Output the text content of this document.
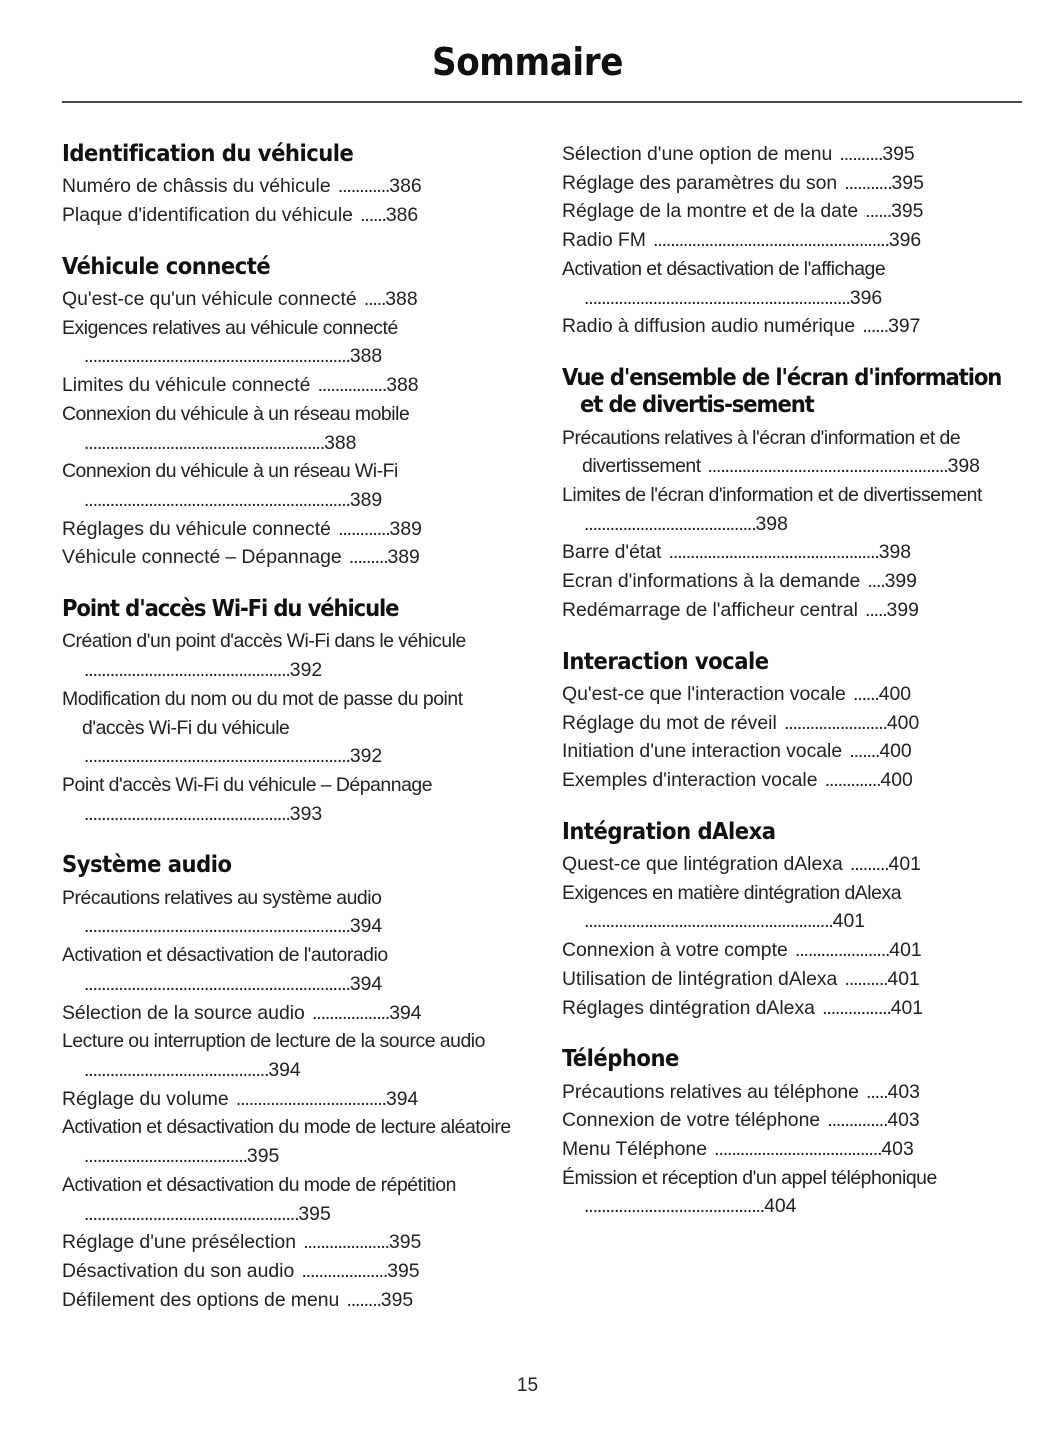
Sommaire
Identification du véhicule
Numéro de châssis du véhicule ............386
Plaque d'identification du véhicule ......386
Véhicule connecté
Qu'est-ce qu'un véhicule connecté .....388
Exigences relatives au véhicule connecté ..............................................................388
Limites du véhicule connecté ................388
Connexion du véhicule à un réseau mobile ........................................................388
Connexion du véhicule à un réseau Wi-Fi ..............................................................389
Réglages du véhicule connecté ............389
Véhicule connecté – Dépannage .........389
Point d'accès Wi-Fi du véhicule
Création d'un point d'accès Wi-Fi dans le véhicule ................................................392
Modification du nom ou du mot de passe du point d'accès Wi-Fi du véhicule ..............................................................392
Point d'accès Wi-Fi du véhicule – Dépannage ................................................393
Système audio
Précautions relatives au système audio ..............................................................394
Activation et désactivation de l'autoradio ..............................................................394
Sélection de la source audio ..................394
Lecture ou interruption de lecture de la source audio ...........................................394
Réglage du volume ...................................394
Activation et désactivation du mode de lecture aléatoire ......................................395
Activation et désactivation du mode de répétition ..................................................395
Réglage d'une présélection ....................395
Désactivation du son audio ....................395
Défilement des options de menu ........395
Sélection d'une option de menu ..........395
Réglage des paramètres du son ...........395
Réglage de la montre et de la date ......395
Radio FM .......................................................396
Activation et désactivation de l'affichage ..............................................................396
Radio à diffusion audio numérique ......397
Vue d'ensemble de l'écran d'information et de divertis-sement
Précautions relatives à l'écran d'information et de divertissement ........................................................398
Limites de l'écran d'information et de divertissement ........................................398
Barre d'état .................................................398
Ecran d'informations à la demande ....399
Redémarrage de l'afficheur central .....399
Interaction vocale
Qu'est-ce que l'interaction vocale ......400
Réglage du mot de réveil ........................400
Initiation d'une interaction vocale .......400
Exemples d'interaction vocale .............400
Intégration dAlexa
Quest-ce que lintégration dAlexa .........401
Exigences en matière dintégration dAlexa ..........................................................401
Connexion à votre compte ......................401
Utilisation de lintégration dAlexa ..........401
Réglages dintégration dAlexa ................401
Téléphone
Précautions relatives au téléphone .....403
Connexion de votre téléphone ..............403
Menu Téléphone .......................................403
Émission et réception d'un appel téléphonique ..........................................404
15
